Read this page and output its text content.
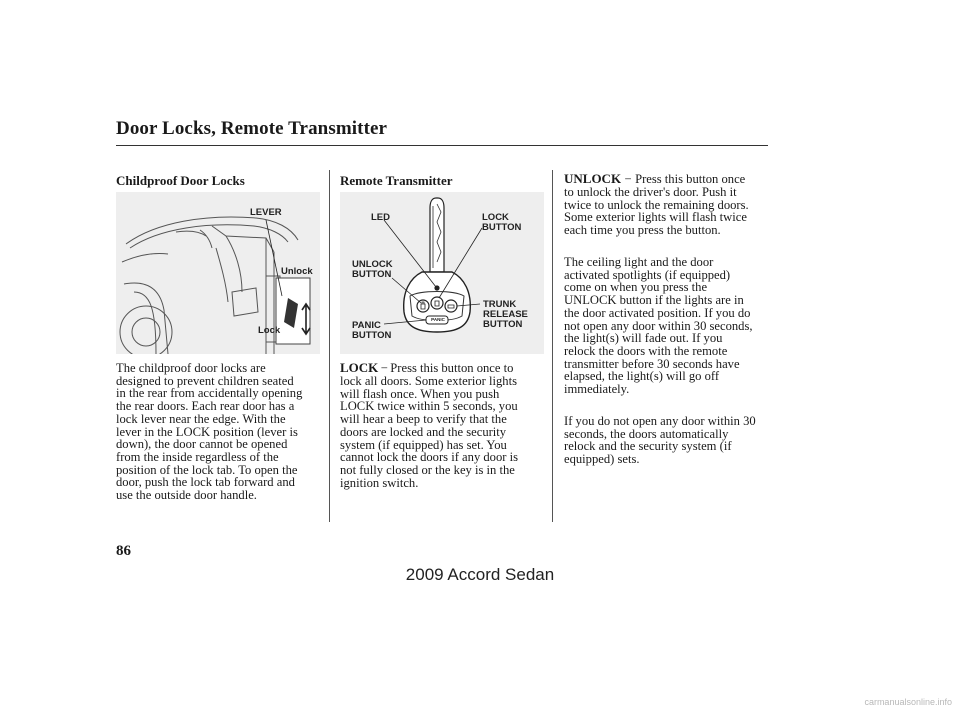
Door Locks, Remote Transmitter
Childproof Door Locks
LEVER
Unlock
Lock
The childproof door locks are
designed to prevent children seated
in the rear from accidentally opening
the rear doors. Each rear door has a
lock lever near the edge. With the
lever in the LOCK position (lever is
down), the door cannot be opened
from the inside regardless of the
position of the lock tab. To open the
door, push the lock tab forward and
use the outside door handle.
Remote Transmitter
PANIC
LED	LOCK
BUTTON
UNLOCK
BUTTON
TRUNK
RELEASE
BUTTON
PANIC
BUTTON
LOCK − Press this button once to
lock all doors. Some exterior lights
will flash once. When you push
LOCK twice within 5 seconds, you
will hear a beep to verify that the
doors are locked and the security
system (if equipped) has set. You
cannot lock the doors if any door is
not fully closed or the key is in the
ignition switch.
UNLOCK − Press this button once
to unlock the driver's door. Push it
twice to unlock the remaining doors.
Some exterior lights will flash twice
each time you press the button.
The ceiling light and the door
activated spotlights (if equipped)
come on when you press the
UNLOCK button if the lights are in
the door activated position. If you do
not open any door within 30 seconds,
the light(s) will fade out. If you
relock the doors with the remote
transmitter before 30 seconds have
elapsed, the light(s) will go off
immediately.
If you do not open any door within 30
seconds, the doors automatically
relock and the security system (if
equipped) sets.
86
2009 Accord Sedan
carmanualsonline.info
